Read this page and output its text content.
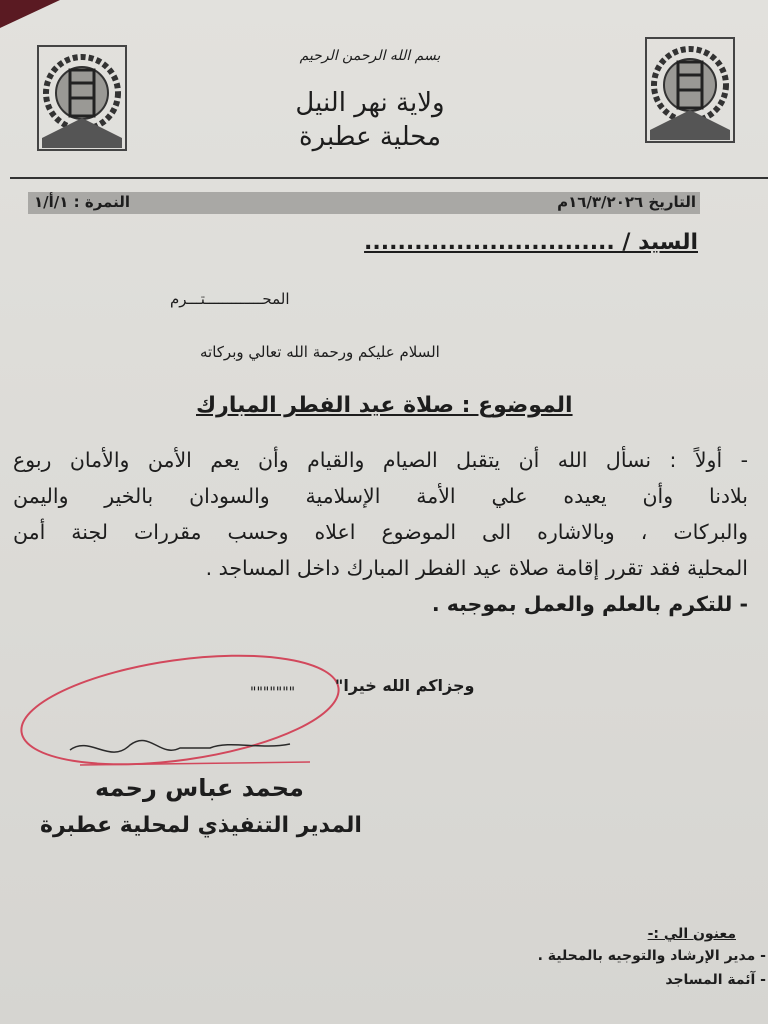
بسم الله الرحمن الرحيم
ولاية نهر النيل
محلية عطبرة
التاريخ ١٦/٣/٢٠٢٦م
النمرة : ١/أ/١
السيد / ..............................
المحـــــــــــــتـــرم
السلام عليكم ورحمة الله تعالي وبركاته
الموضوع : صلاة عيد الفطر المبارك

- أولاً : نسأل الله أن يتقبل الصيام والقيام وأن يعم الأمن والأمان ربوع

بلادنا وأن يعيده علي الأمة الإسلامية والسودان بالخير واليمن

والبركات ، وبالاشاره الى الموضوع اعلاه وحسب مقررات لجنة أمن

المحلية فقد تقرر إقامة صلاة عيد الفطر المبارك داخل المساجد .

- للتكرم بالعلم والعمل بموجبه .

وجزاكم الله خيرا"
"""""""
محمد عباس رحمه
المدير التنفيذي لمحلية عطبرة
معنون الي :-
- مدير الإرشاد والتوجيه بالمحلية .
- آئمة المساجد
